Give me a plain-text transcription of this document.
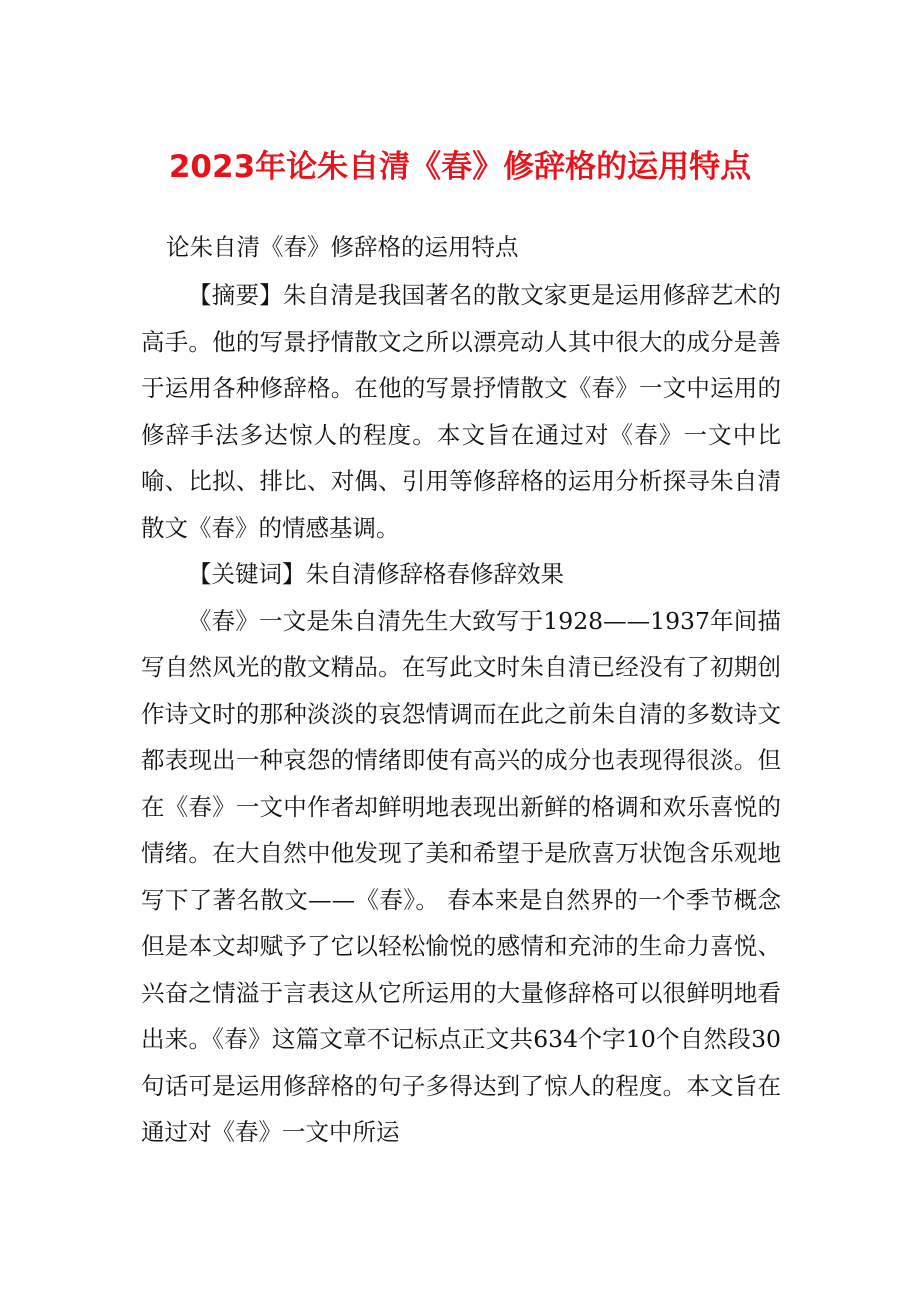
2023年论朱自清《春》修辞格的运用特点
论朱自清《春》修辞格的运用特点

【摘要】朱自清是我国著名的散文家更是运用修辞艺术的高手。他的写景抒情散文之所以漂亮动人其中很大的成分是善于运用各种修辞格。在他的写景抒情散文《春》一文中运用的修辞手法多达惊人的程度。本文旨在通过对《春》一文中比喻、比拟、排比、对偶、引用等修辞格的运用分析探寻朱自清散文《春》的情感基调。

【关键词】朱自清修辞格春修辞效果

《春》一文是朱自清先生大致写于1928——1937年间描写自然风光的散文精品。在写此文时朱自清已经没有了初期创作诗文时的那种淡淡的哀怨情调而在此之前朱自清的多数诗文都表现出一种哀怨的情绪即使有高兴的成分也表现得很淡。但在《春》一文中作者却鲜明地表现出新鲜的格调和欢乐喜悦的情绪。在大自然中他发现了美和希望于是欣喜万状饱含乐观地写下了著名散文——《春》。 春本来是自然界的一个季节概念但是本文却赋予了它以轻松愉悦的感情和充沛的生命力喜悦、兴奋之情溢于言表这从它所运用的大量修辞格可以很鲜明地看出来。《春》这篇文章不记标点正文共634个字10个自然段30句话可是运用修辞格的句子多得达到了惊人的程度。本文旨在通过对《春》一文中所运
